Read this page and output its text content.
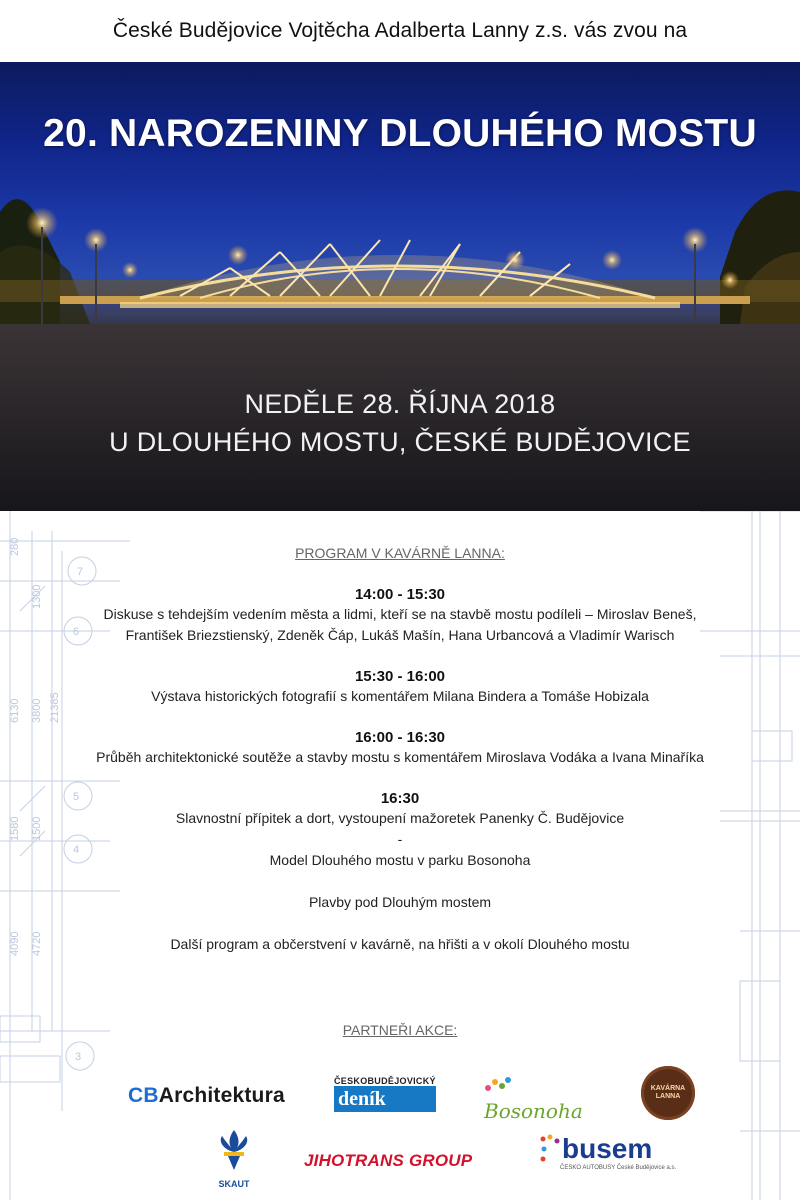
České Budějovice Vojtěcha Adalberta Lanny z.s. vás zvou na
20. NAROZENINY DLOUHÉHO MOSTU
NEDĚLE 28. ŘÍJNA 2018
U DLOUHÉHO MOSTU, ČESKÉ BUDĚJOVICE
7
6
5
4
3
1300
6130 3800 21385
1580 1500
4090 4720
280	PROGRAM V KAVÁRNĚ LANNA:
14:00 - 15:30
Diskuse s tehdejším vedením města a lidmi, kteří se na stavbě mostu podíleli – Miroslav Beneš,
František Briezstienský, Zdeněk Čáp, Lukáš Mašín, Hana Urbancová a Vladimír Warisch
15:30 - 16:00
Výstava historických fotografií s komentářem Milana Bindera a Tomáše Hobizala
16:00 - 16:30
Průběh architektonické soutěže a stavby mostu s komentářem Miroslava Vodáka a Ivana Minaříka
16:30
Slavnostní přípitek a dort, vystoupení mažoretek Panenky Č. Budějovice
-
Model Dlouhého mostu v parku Bosonoha
Plavby pod Dlouhým mostem
Další program a občerstvení v kavárně, na hřišti a v okolí Dlouhého mostu
PARTNEŘI AKCE:
CBArchitektura
ČESKOBUDĚJOVICKÝ
deník	Bosonoha
KAVÁRNA LANNA
SKAUT
JIHOTRANS GROUP	busem
ČESKO AUTOBUSY České Budějovice a.s.
